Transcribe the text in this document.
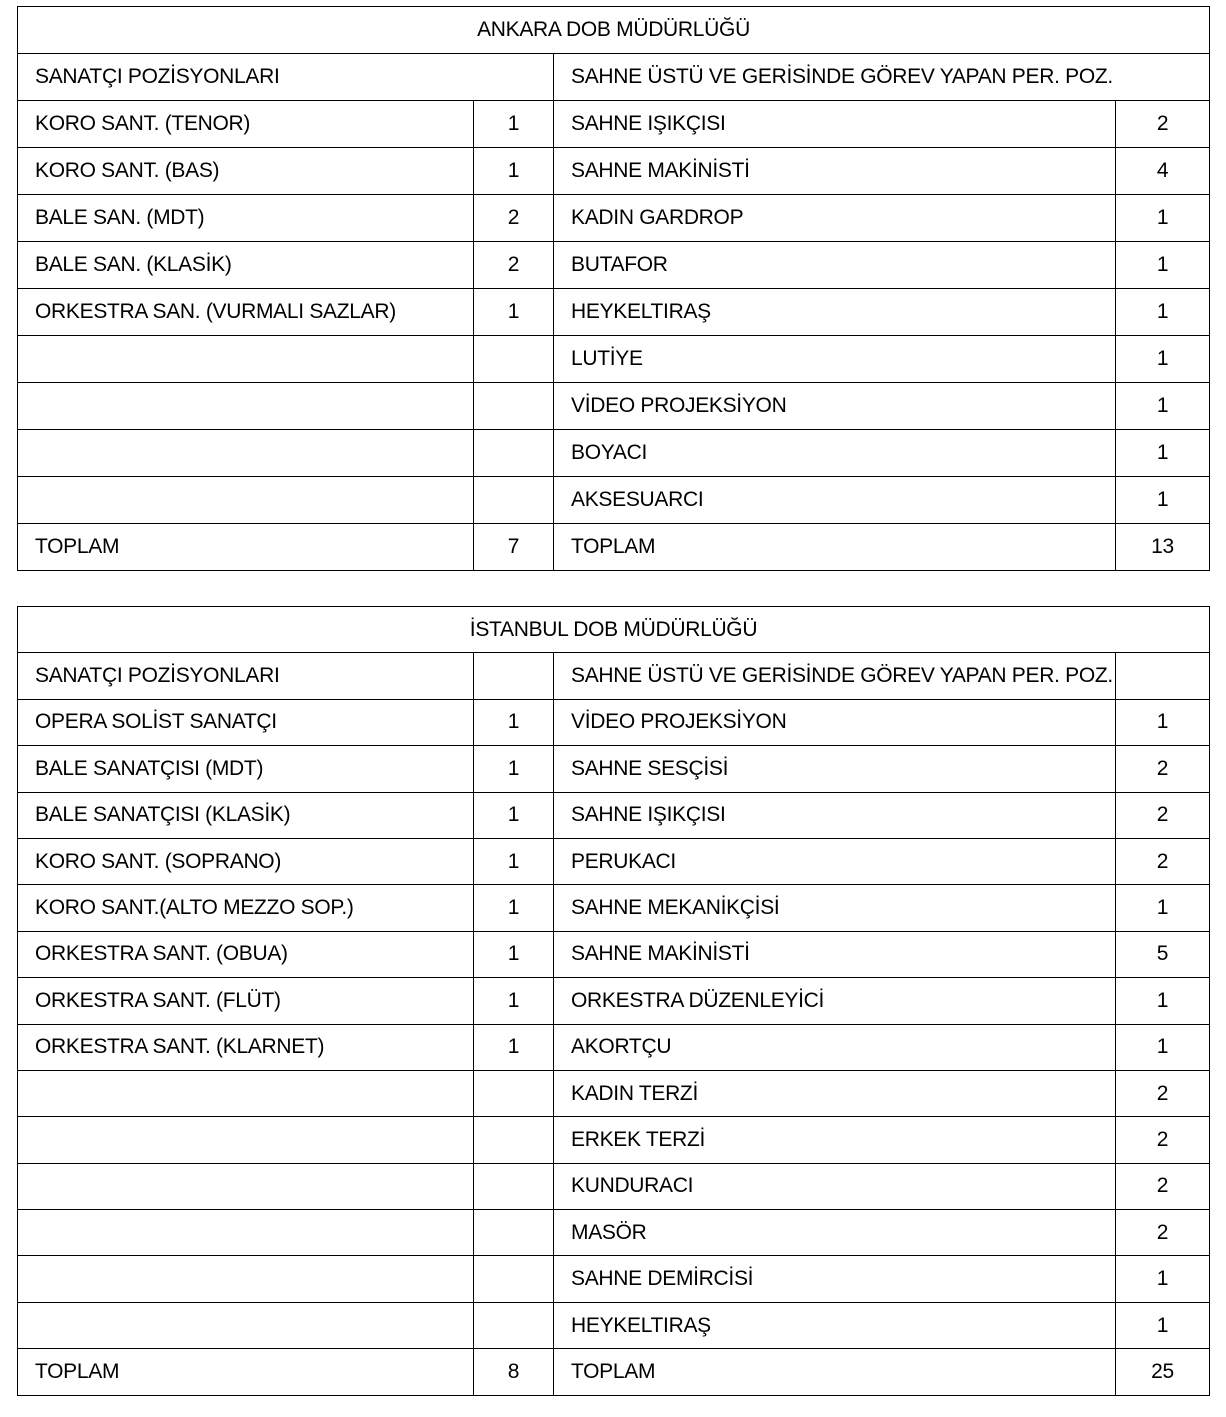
ANKARA DOB MÜDÜRLÜĞÜ			
SANATÇI POZİSYONLARI		SAHNE ÜSTÜ VE GERİSİNDE GÖREV YAPAN PER. POZ.	
KORO SANT. (TENOR)	1	SAHNE IŞIKÇISI	2
KORO SANT. (BAS)	1	SAHNE MAKİNİSTİ	4
BALE SAN. (MDT)	2	KADIN GARDROP	1
BALE SAN. (KLASİK)	2	BUTAFOR	1
ORKESTRA SAN. (VURMALI SAZLAR)	1	HEYKELTIRAŞ	1
		LUTİYE	1
		VİDEO PROJEKSİYON	1
		BOYACI	1
		AKSESUARCI	1
TOPLAM	7	TOPLAM	13
İSTANBUL DOB MÜDÜRLÜĞÜ			
SANATÇI POZİSYONLARI		SAHNE ÜSTÜ VE GERİSİNDE GÖREV YAPAN PER. POZ.	
OPERA SOLİST SANATÇI	1	VİDEO PROJEKSİYON	1
BALE SANATÇISI (MDT)	1	SAHNE SESÇİSİ	2
BALE SANATÇISI (KLASİK)	1	SAHNE IŞIKÇISI	2
KORO SANT. (SOPRANO)	1	PERUKACI	2
KORO SANT.(ALTO MEZZO SOP.)	1	SAHNE MEKANİKÇİSİ	1
ORKESTRA SANT. (OBUA)	1	SAHNE MAKİNİSTİ	5
ORKESTRA SANT. (FLÜT)	1	ORKESTRA DÜZENLEYİCİ	1
ORKESTRA SANT. (KLARNET)	1	AKORTÇU	1
		KADIN TERZİ	2
		ERKEK TERZİ	2
		KUNDURACI	2
		MASÖR	2
		SAHNE DEMİRCİSİ	1
		HEYKELTIRAŞ	1
TOPLAM	8	TOPLAM	25
